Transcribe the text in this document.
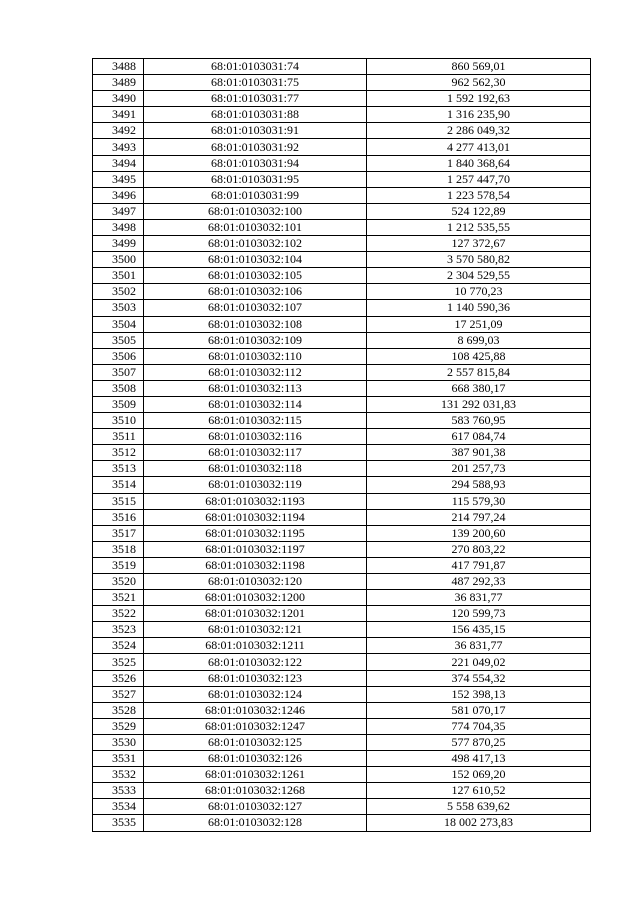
3488	68:01:0103031:74	860 569,01
3489	68:01:0103031:75	962 562,30
3490	68:01:0103031:77	1 592 192,63
3491	68:01:0103031:88	1 316 235,90
3492	68:01:0103031:91	2 286 049,32
3493	68:01:0103031:92	4 277 413,01
3494	68:01:0103031:94	1 840 368,64
3495	68:01:0103031:95	1 257 447,70
3496	68:01:0103031:99	1 223 578,54
3497	68:01:0103032:100	524 122,89
3498	68:01:0103032:101	1 212 535,55
3499	68:01:0103032:102	127 372,67
3500	68:01:0103032:104	3 570 580,82
3501	68:01:0103032:105	2 304 529,55
3502	68:01:0103032:106	10 770,23
3503	68:01:0103032:107	1 140 590,36
3504	68:01:0103032:108	17 251,09
3505	68:01:0103032:109	8 699,03
3506	68:01:0103032:110	108 425,88
3507	68:01:0103032:112	2 557 815,84
3508	68:01:0103032:113	668 380,17
3509	68:01:0103032:114	131 292 031,83
3510	68:01:0103032:115	583 760,95
3511	68:01:0103032:116	617 084,74
3512	68:01:0103032:117	387 901,38
3513	68:01:0103032:118	201 257,73
3514	68:01:0103032:119	294 588,93
3515	68:01:0103032:1193	115 579,30
3516	68:01:0103032:1194	214 797,24
3517	68:01:0103032:1195	139 200,60
3518	68:01:0103032:1197	270 803,22
3519	68:01:0103032:1198	417 791,87
3520	68:01:0103032:120	487 292,33
3521	68:01:0103032:1200	36 831,77
3522	68:01:0103032:1201	120 599,73
3523	68:01:0103032:121	156 435,15
3524	68:01:0103032:1211	36 831,77
3525	68:01:0103032:122	221 049,02
3526	68:01:0103032:123	374 554,32
3527	68:01:0103032:124	152 398,13
3528	68:01:0103032:1246	581 070,17
3529	68:01:0103032:1247	774 704,35
3530	68:01:0103032:125	577 870,25
3531	68:01:0103032:126	498 417,13
3532	68:01:0103032:1261	152 069,20
3533	68:01:0103032:1268	127 610,52
3534	68:01:0103032:127	5 558 639,62
3535	68:01:0103032:128	18 002 273,83
